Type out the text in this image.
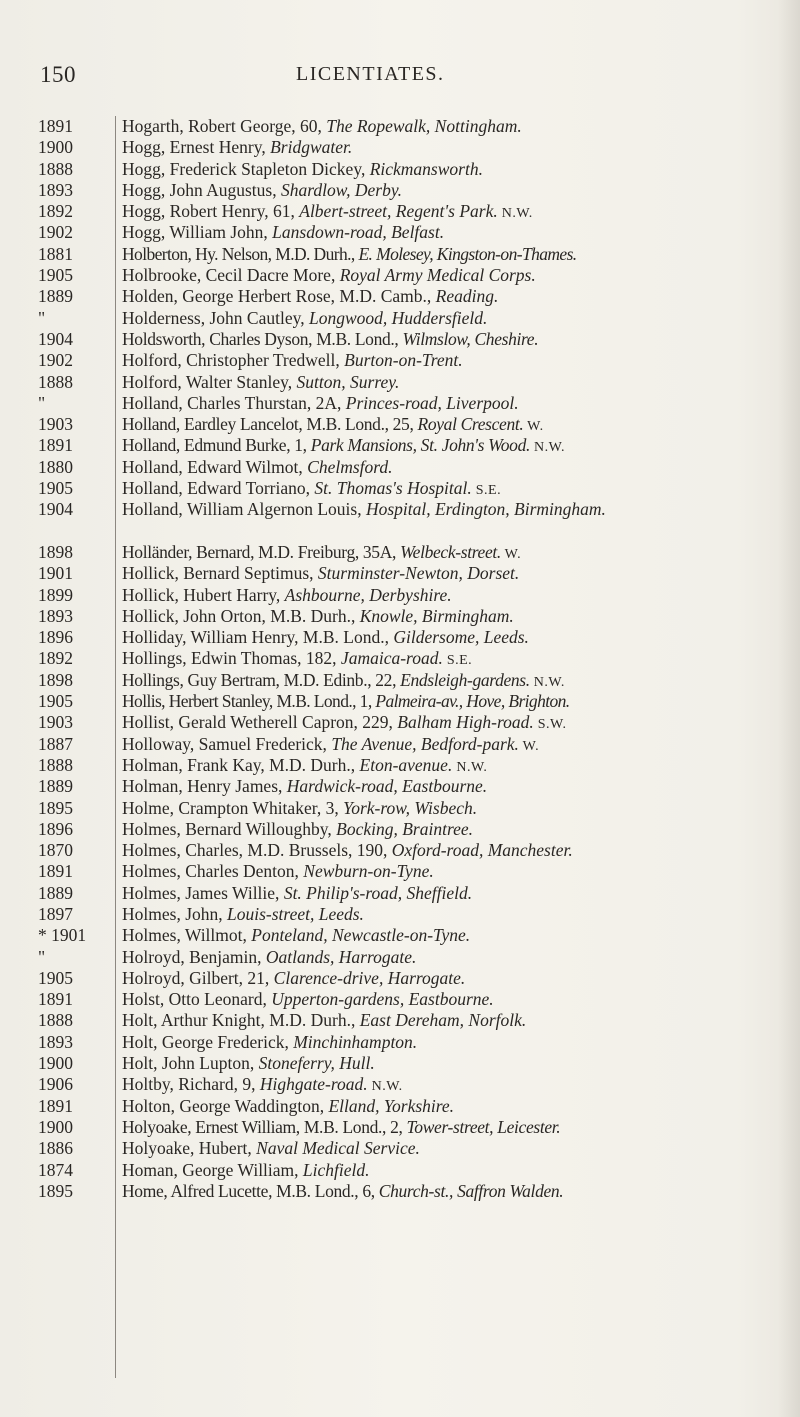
150	LICENTIATES.
1891	Hogarth, Robert George, 60, The Ropewalk, Nottingham.
1900	Hogg, Ernest Henry, Bridgwater.
1888	Hogg, Frederick Stapleton Dickey, Rickmansworth.
1893	Hogg, John Augustus, Shardlow, Derby.
1892	Hogg, Robert Henry, 61, Albert-street, Regent's Park. N.W.
1902	Hogg, William John, Lansdown-road, Belfast.
1881	Holberton, Hy. Nelson, M.D. Durh., E. Molesey, Kingston-on-Thames.
1905	Holbrooke, Cecil Dacre More, Royal Army Medical Corps.
1889	Holden, George Herbert Rose, M.D. Camb., Reading.
"	Holderness, John Cautley, Longwood, Huddersfield.
1904	Holdsworth, Charles Dyson, M.B. Lond., Wilmslow, Cheshire.
1902	Holford, Christopher Tredwell, Burton-on-Trent.
1888	Holford, Walter Stanley, Sutton, Surrey.
"	Holland, Charles Thurstan, 2A, Princes-road, Liverpool.
1903	Holland, Eardley Lancelot, M.B. Lond., 25, Royal Crescent. W.
1891	Holland, Edmund Burke, 1, Park Mansions, St. John's Wood. N.W.
1880	Holland, Edward Wilmot, Chelmsford.
1905	Holland, Edward Torriano, St. Thomas's Hospital. S.E.
1904	Holland, William Algernon Louis, Hospital, Erdington, Birmingham.
1898	Holländer, Bernard, M.D. Freiburg, 35A, Welbeck-street. W.
1901	Hollick, Bernard Septimus, Sturminster-Newton, Dorset.
1899	Hollick, Hubert Harry, Ashbourne, Derbyshire.
1893	Hollick, John Orton, M.B. Durh., Knowle, Birmingham.
1896	Holliday, William Henry, M.B. Lond., Gildersome, Leeds.
1892	Hollings, Edwin Thomas, 182, Jamaica-road. S.E.
1898	Hollings, Guy Bertram, M.D. Edinb., 22, Endsleigh-gardens. N.W.
1905	Hollis, Herbert Stanley, M.B. Lond., 1, Palmeira-av., Hove, Brighton.
1903	Hollist, Gerald Wetherell Capron, 229, Balham High-road. S.W.
1887	Holloway, Samuel Frederick, The Avenue, Bedford-park. W.
1888	Holman, Frank Kay, M.D. Durh., Eton-avenue. N.W.
1889	Holman, Henry James, Hardwick-road, Eastbourne.
1895	Holme, Crampton Whitaker, 3, York-row, Wisbech.
1896	Holmes, Bernard Willoughby, Bocking, Braintree.
1870	Holmes, Charles, M.D. Brussels, 190, Oxford-road, Manchester.
1891	Holmes, Charles Denton, Newburn-on-Tyne.
1889	Holmes, James Willie, St. Philip's-road, Sheffield.
1897	Holmes, John, Louis-street, Leeds.
* 1901	Holmes, Willmot, Ponteland, Newcastle-on-Tyne.
"	Holroyd, Benjamin, Oatlands, Harrogate.
1905	Holroyd, Gilbert, 21, Clarence-drive, Harrogate.
1891	Holst, Otto Leonard, Upperton-gardens, Eastbourne.
1888	Holt, Arthur Knight, M.D. Durh., East Dereham, Norfolk.
1893	Holt, George Frederick, Minchinhampton.
1900	Holt, John Lupton, Stoneferry, Hull.
1906	Holtby, Richard, 9, Highgate-road. N.W.
1891	Holton, George Waddington, Elland, Yorkshire.
1900	Holyoake, Ernest William, M.B. Lond., 2, Tower-street, Leicester.
1886	Holyoake, Hubert, Naval Medical Service.
1874	Homan, George William, Lichfield.
1895	Home, Alfred Lucette, M.B. Lond., 6, Church-st., Saffron Walden.
